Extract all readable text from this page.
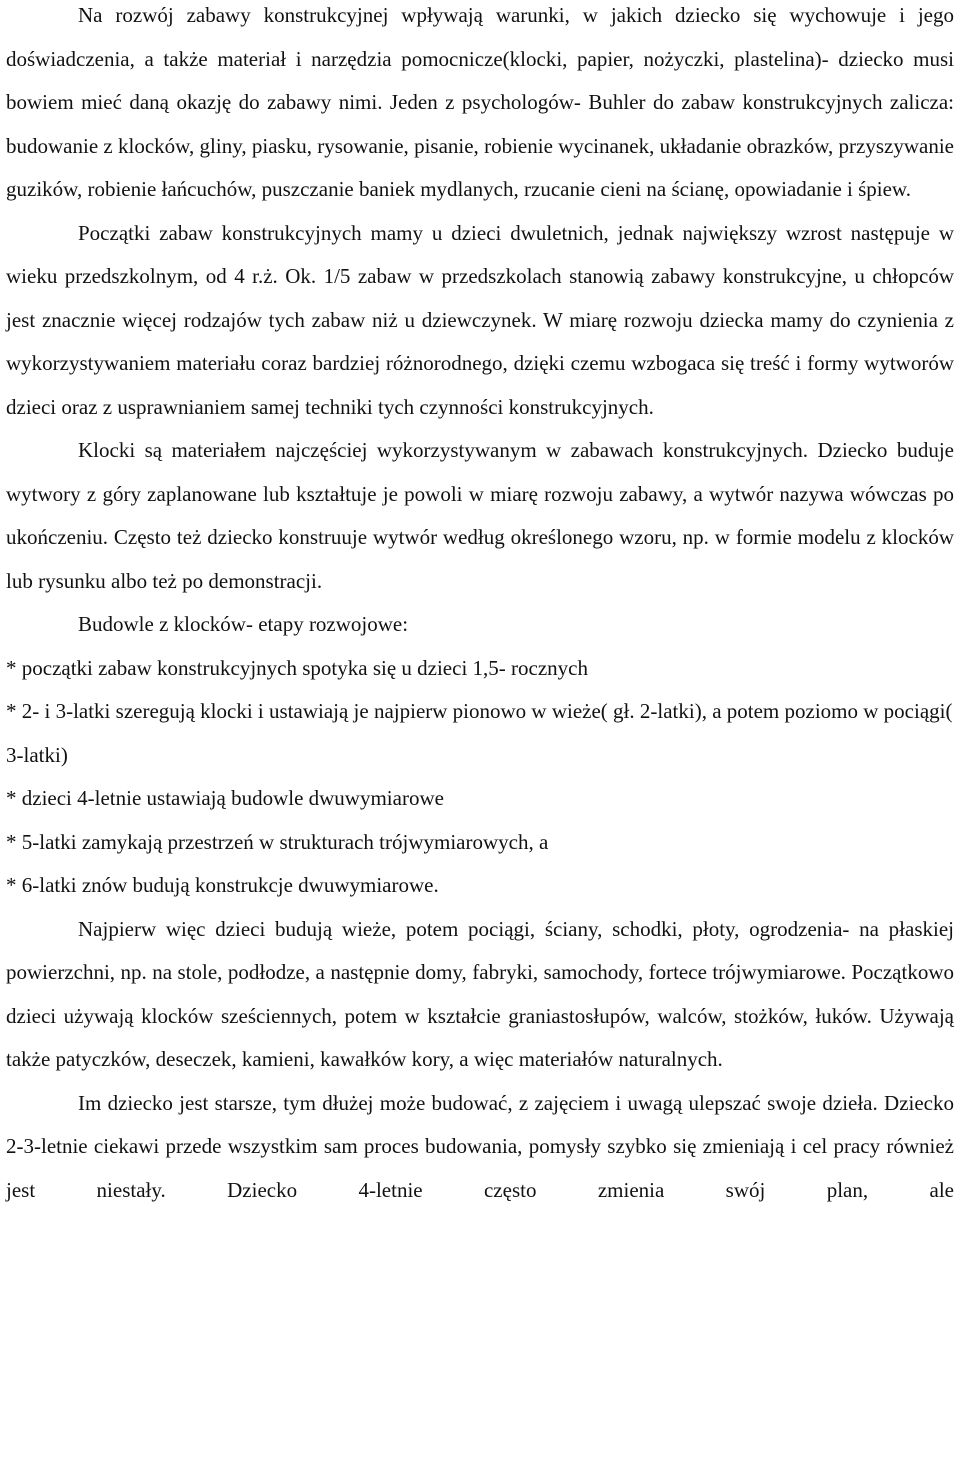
Na rozwój zabawy konstrukcyjnej wpływają warunki, w jakich dziecko się wychowuje i jego doświadczenia, a także materiał i narzędzia pomocnicze(klocki, papier, nożyczki, plastelina)- dziecko musi bowiem mieć daną okazję do zabawy nimi. Jeden z psychologów- Buhler do zabaw konstrukcyjnych zalicza: budowanie z klocków, gliny, piasku, rysowanie, pisanie, robienie wycinanek, układanie obrazków, przyszywanie guzików, robienie łańcuchów, puszczanie baniek mydlanych, rzucanie cieni na ścianę, opowiadanie i śpiew.

Początki zabaw konstrukcyjnych mamy u dzieci dwuletnich, jednak największy wzrost następuje w wieku przedszkolnym, od 4 r.ż. Ok. 1/5 zabaw w przedszkolach stanowią zabawy konstrukcyjne, u chłopców jest znacznie więcej rodzajów tych zabaw niż u dziewczynek. W miarę rozwoju dziecka mamy do czynienia z wykorzystywaniem materiału coraz bardziej różnorodnego, dzięki czemu wzbogaca się treść i formy wytworów dzieci oraz z usprawnianiem samej techniki tych czynności konstrukcyjnych.

Klocki są materiałem najczęściej wykorzystywanym w zabawach konstrukcyjnych. Dziecko buduje wytwory z góry zaplanowane lub kształtuje je powoli w miarę rozwoju zabawy, a wytwór nazywa wówczas po ukończeniu. Często też dziecko konstruuje wytwór według określonego wzoru, np. w formie modelu z klocków lub rysunku albo też po demonstracji.

Budowle z klocków- etapy rozwojowe:

* początki zabaw konstrukcyjnych spotyka się u dzieci 1,5- rocznych

* 2- i 3-latki szeregują klocki i ustawiają je najpierw pionowo w wieże( gł. 2-latki), a potem poziomo w pociągi( 3-latki)

* dzieci 4-letnie ustawiają budowle dwuwymiarowe

* 5-latki zamykają przestrzeń w strukturach trójwymiarowych, a

* 6-latki znów budują konstrukcje dwuwymiarowe.

Najpierw więc dzieci budują wieże, potem pociągi, ściany, schodki, płoty, ogrodzenia- na płaskiej powierzchni, np. na stole, podłodze, a następnie domy, fabryki, samochody, fortece trójwymiarowe. Początkowo dzieci używają klocków sześciennych, potem w kształcie graniastosłupów, walców, stożków, łuków. Używają także patyczków, deseczek, kamieni, kawałków kory, a więc materiałów naturalnych.

Im dziecko jest starsze, tym dłużej może budować, z zajęciem i uwagą ulepszać swoje dzieła. Dziecko 2-3-letnie ciekawi przede wszystkim sam proces budowania, pomysły szybko się zmieniają i cel pracy również jest niestały. Dziecko 4-letnie często zmienia swój plan, ale
